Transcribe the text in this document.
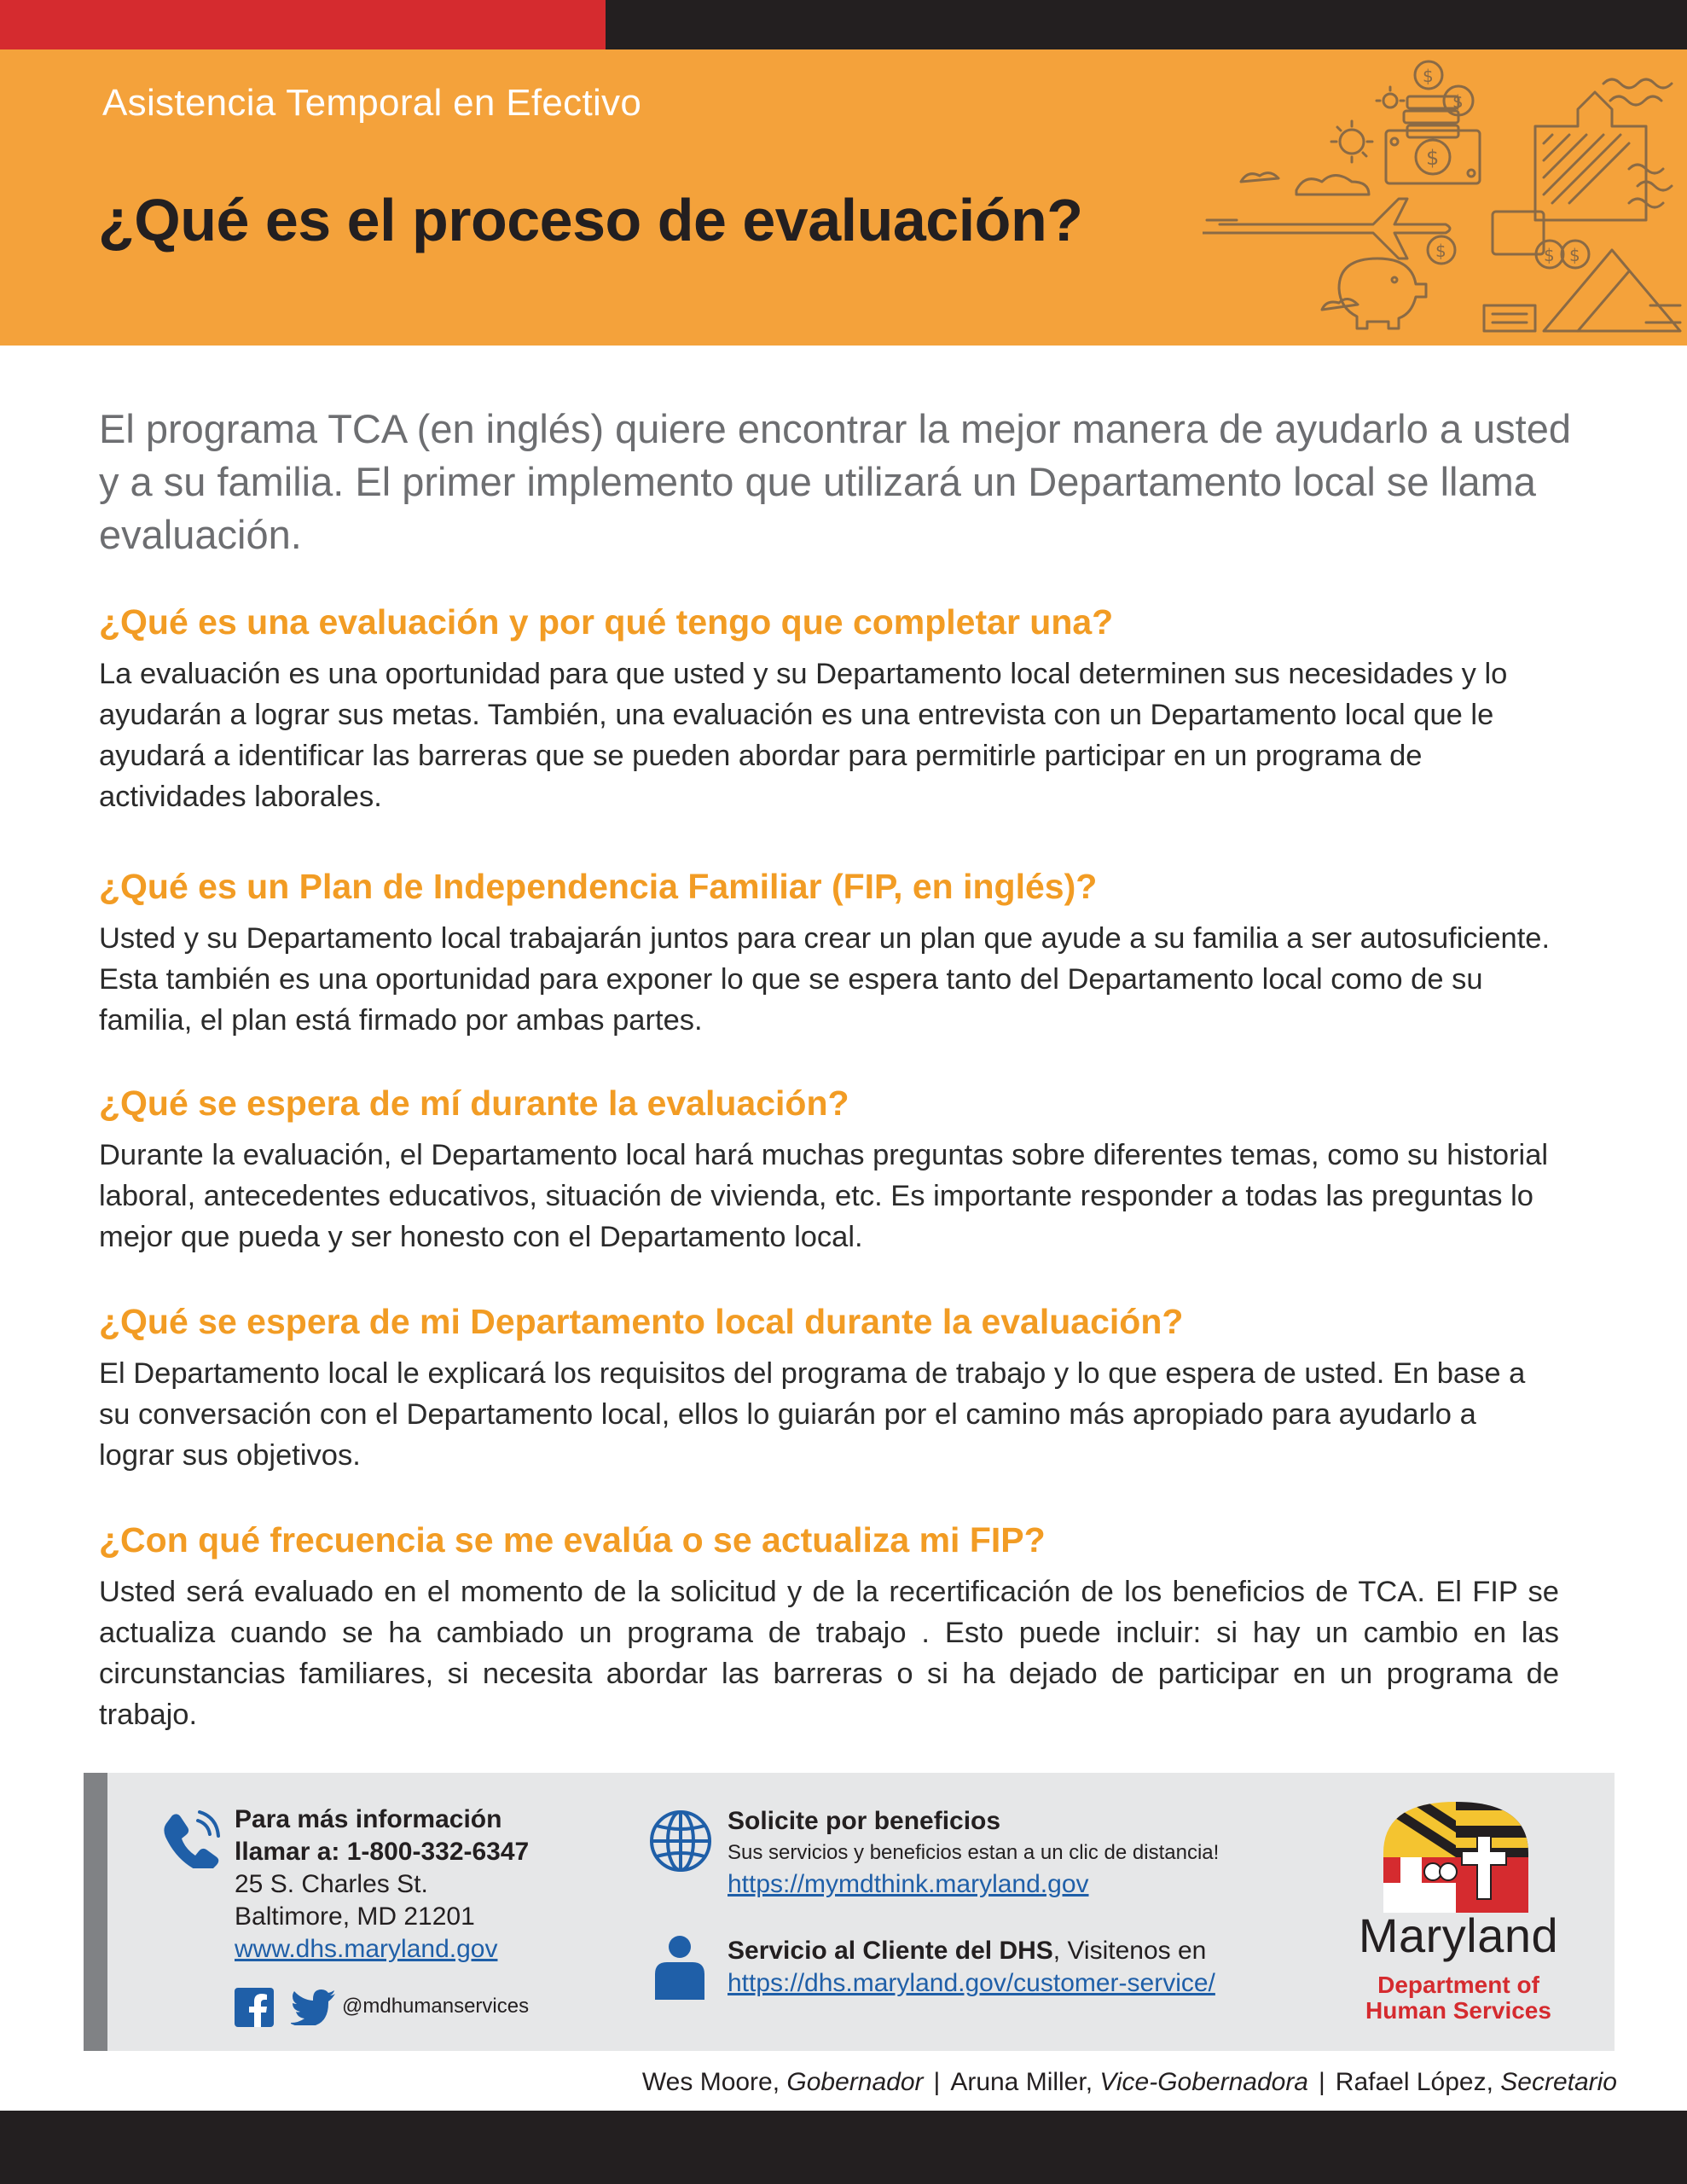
Asistencia Temporal en Efectivo
¿Qué es el proceso de evaluación?
$
$
$
$	$ $

El programa TCA (en inglés) quiere encontrar la mejor manera de ayudarlo a usted y a su familia. El primer implemento que utilizará un Departamento local se llama evaluación.

¿Qué es una evaluación y por qué tengo que completar una?

La evaluación es una oportunidad para que usted y su Departamento local determinen sus necesidades y lo ayudarán a lograr sus metas. También, una evaluación es una entrevista con un Departamento local que le ayudará a identificar las barreras que se pueden abordar para permitirle participar en un programa de actividades laborales.

¿Qué es un Plan de Independencia Familiar (FIP, en inglés)?

Usted y su Departamento local trabajarán juntos para crear un plan que ayude a su familia a ser autosuficiente. Esta también es una oportunidad para exponer lo que se espera tanto del Departamento local como de su familia, el plan está firmado por ambas partes.

¿Qué se espera de mí durante la evaluación?

Durante la evaluación, el Departamento local hará muchas preguntas sobre diferentes temas, como su historial laboral, antecedentes educativos, situación de vivienda, etc. Es importante responder a todas las preguntas lo mejor que pueda y ser honesto con el Departamento local.

¿Qué se espera de mi Departamento local durante la evaluación?

El Departamento local le explicará los requisitos del programa de trabajo y lo que espera de usted. En base a su conversación con el Departamento local, ellos lo guiarán por el camino más apropiado para ayudarlo a lograr sus objetivos.

¿Con qué frecuencia se me evalúa o se actualiza mi FIP?

Usted será evaluado en el momento de la solicitud y de la recertificación de los beneficios de TCA. El FIP se actualiza cuando se ha cambiado un programa de trabajo . Esto puede incluir: si hay un cambio en las circunstancias familiares, si necesita abordar las barreras o si ha dejado de participar en un programa de trabajo.

Para más información
llamar a: 1-800-332-6347
25 S. Charles St.
Baltimore, MD 21201
www.dhs.maryland.gov
@mdhumanservices
Solicite por beneficios
Sus servicios y beneficios estan a un clic de distancia!
https://mymdthink.maryland.gov
Servicio al Cliente del DHS, Visitenos en
https://dhs.maryland.gov/customer-service/
Maryland
Department of
Human Services
Wes Moore, Gobernador | Aruna Miller, Vice-Gobernadora | Rafael López, Secretario
